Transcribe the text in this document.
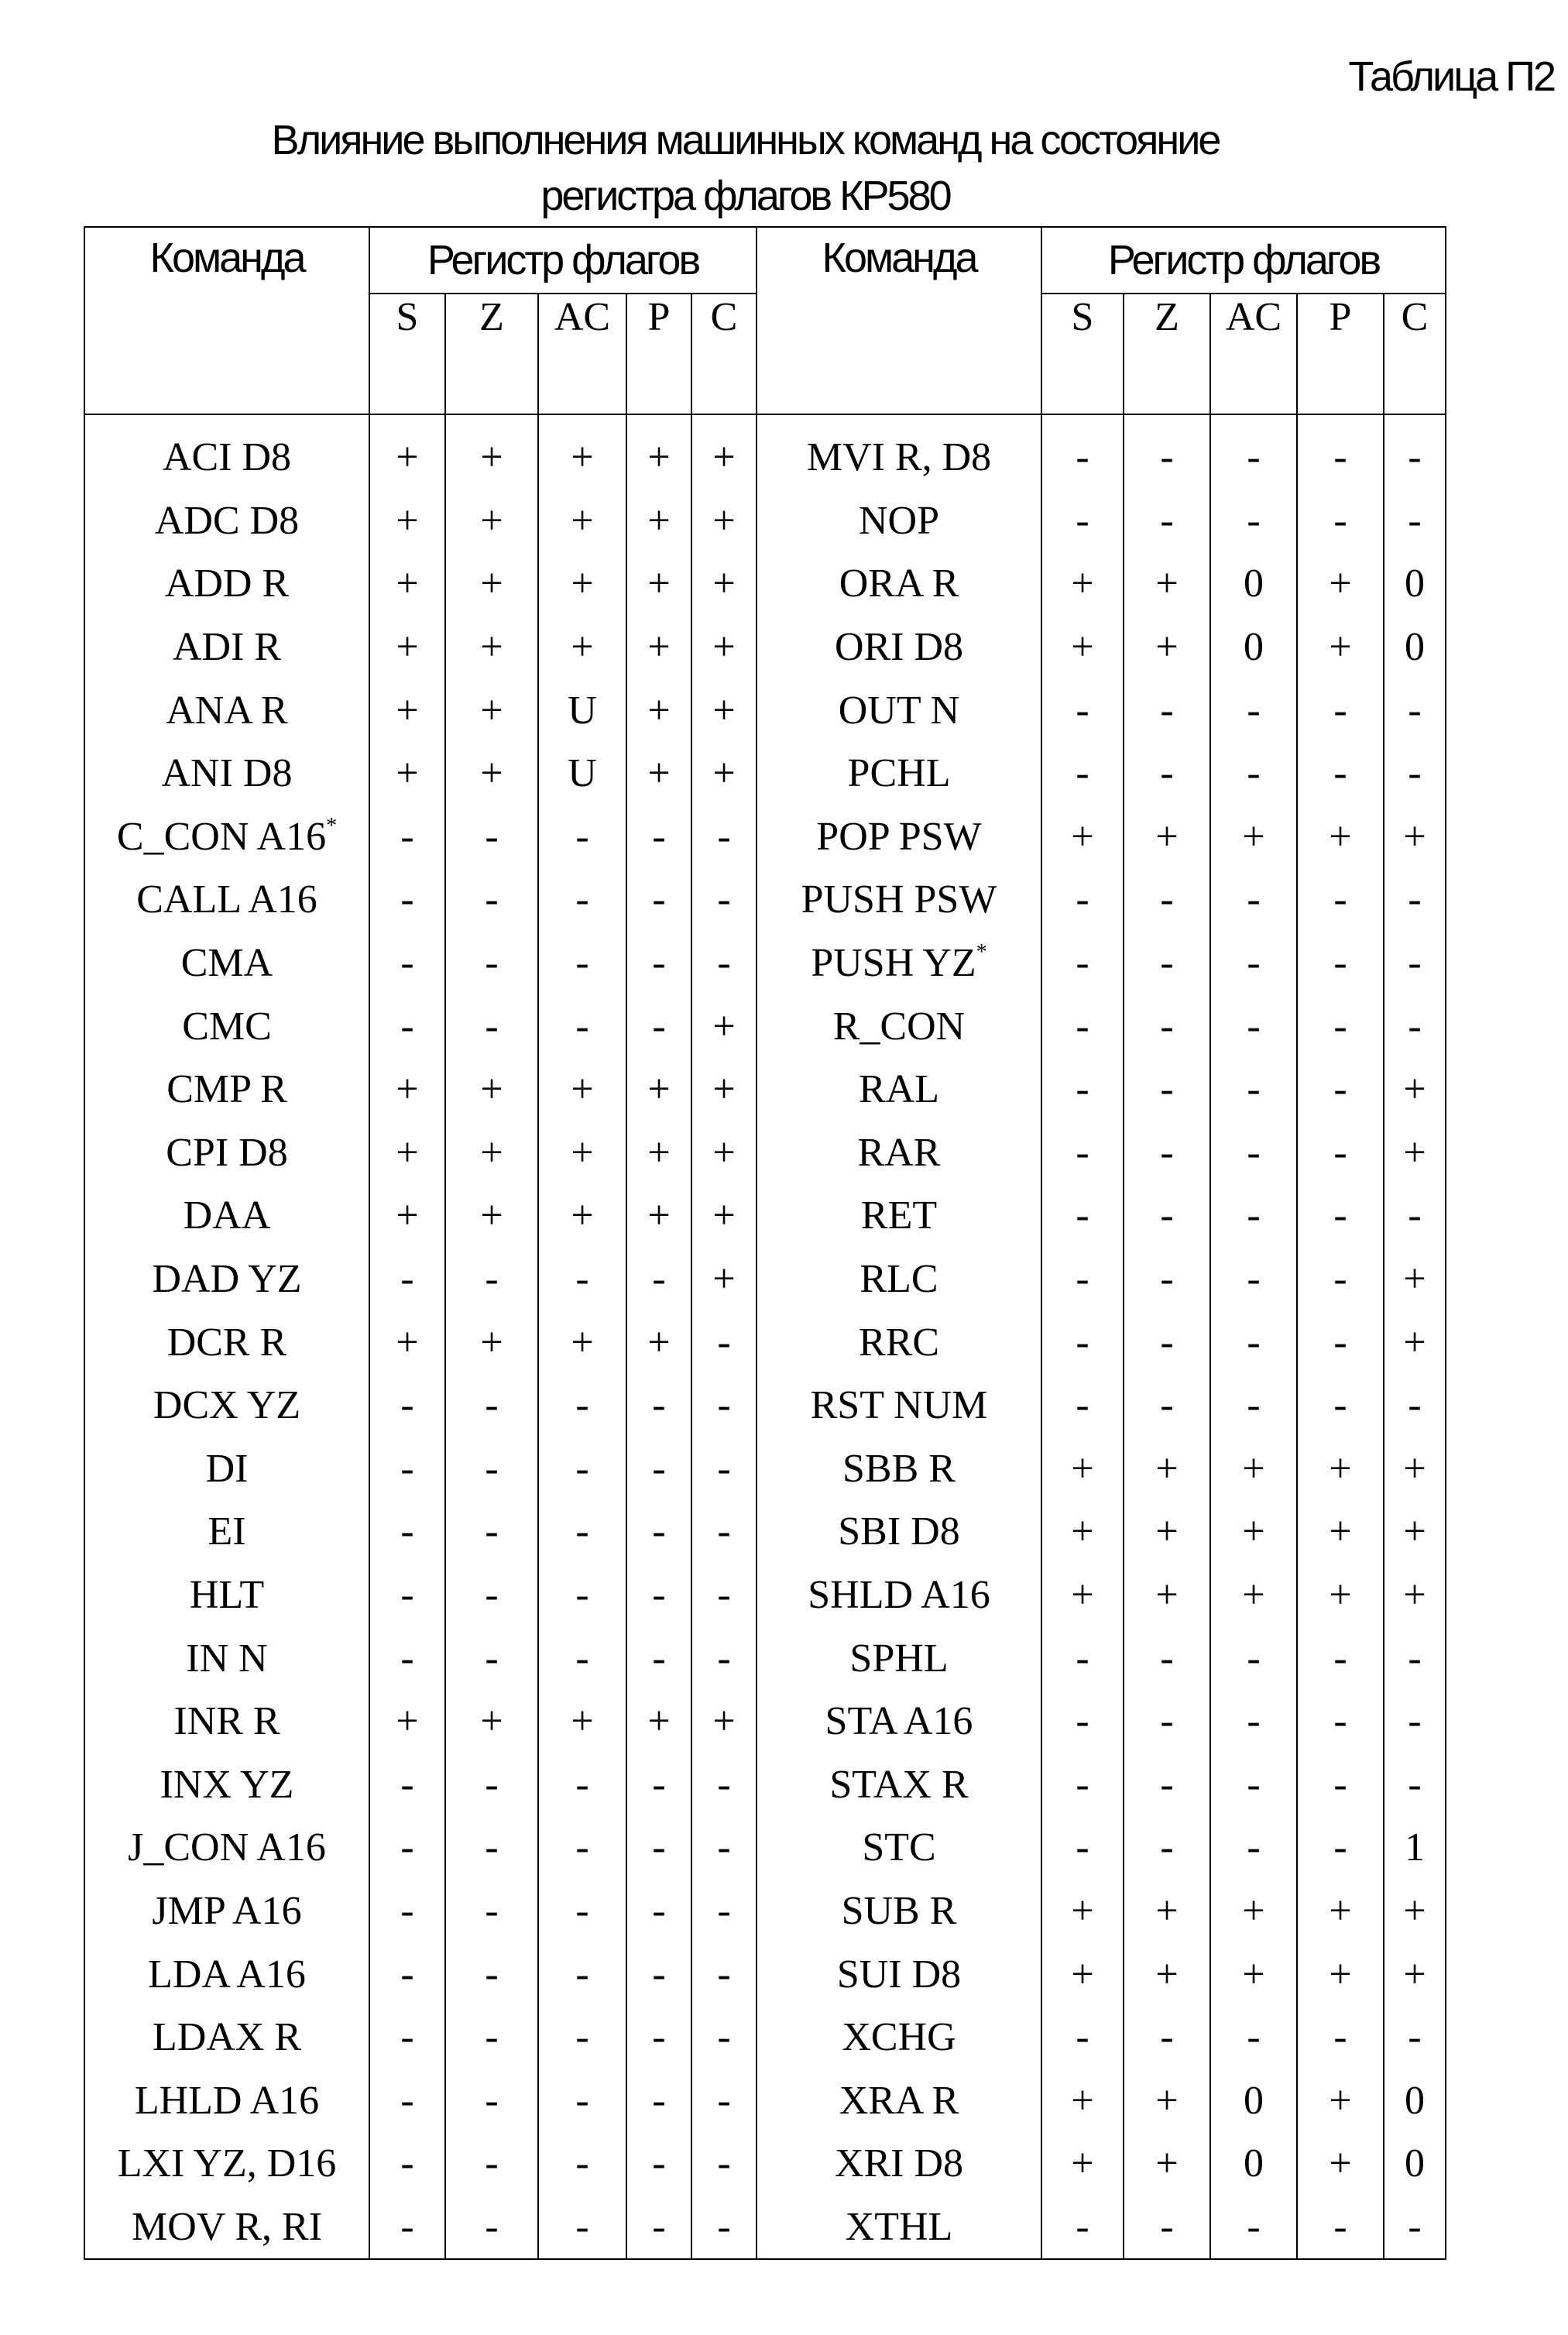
Таблица П2
Влияние выполнения машинных команд на состояние
регистра флагов КР580
Команда	Регистр флагов					Команда	Регистр флагов				
	S	Z	AC	P	C		S	Z	AC	P	C
ACI D8	+	+	+	+	+	MVI R, D8	-	-	-	-	-
ADC D8	+	+	+	+	+	NOP	-	-	-	-	-
ADD R	+	+	+	+	+	ORA R	+	+	0	+	0
ADI R	+	+	+	+	+	ORI D8	+	+	0	+	0
ANA R	+	+	U	+	+	OUT N	-	-	-	-	-
ANI D8	+	+	U	+	+	PCHL	-	-	-	-	-
C_CON A16*	-	-	-	-	-	POP PSW	+	+	+	+	+
CALL A16	-	-	-	-	-	PUSH PSW	-	-	-	-	-
CMA	-	-	-	-	-	PUSH YZ*	-	-	-	-	-
CMC	-	-	-	-	+	R_CON	-	-	-	-	-
CMP R	+	+	+	+	+	RAL	-	-	-	-	+
CPI D8	+	+	+	+	+	RAR	-	-	-	-	+
DAA	+	+	+	+	+	RET	-	-	-	-	-
DAD YZ	-	-	-	-	+	RLC	-	-	-	-	+
DCR R	+	+	+	+	-	RRC	-	-	-	-	+
DCX YZ	-	-	-	-	-	RST NUM	-	-	-	-	-
DI	-	-	-	-	-	SBB R	+	+	+	+	+
EI	-	-	-	-	-	SBI D8	+	+	+	+	+
HLT	-	-	-	-	-	SHLD A16	+	+	+	+	+
IN N	-	-	-	-	-	SPHL	-	-	-	-	-
INR R	+	+	+	+	+	STA A16	-	-	-	-	-
INX YZ	-	-	-	-	-	STAX R	-	-	-	-	-
J_CON A16	-	-	-	-	-	STC	-	-	-	-	1
JMP A16	-	-	-	-	-	SUB R	+	+	+	+	+
LDA A16	-	-	-	-	-	SUI D8	+	+	+	+	+
LDAX R	-	-	-	-	-	XCHG	-	-	-	-	-
LHLD A16	-	-	-	-	-	XRA R	+	+	0	+	0
LXI YZ, D16	-	-	-	-	-	XRI D8	+	+	0	+	0
MOV R, RI	-	-	-	-	-	XTHL	-	-	-	-	-
